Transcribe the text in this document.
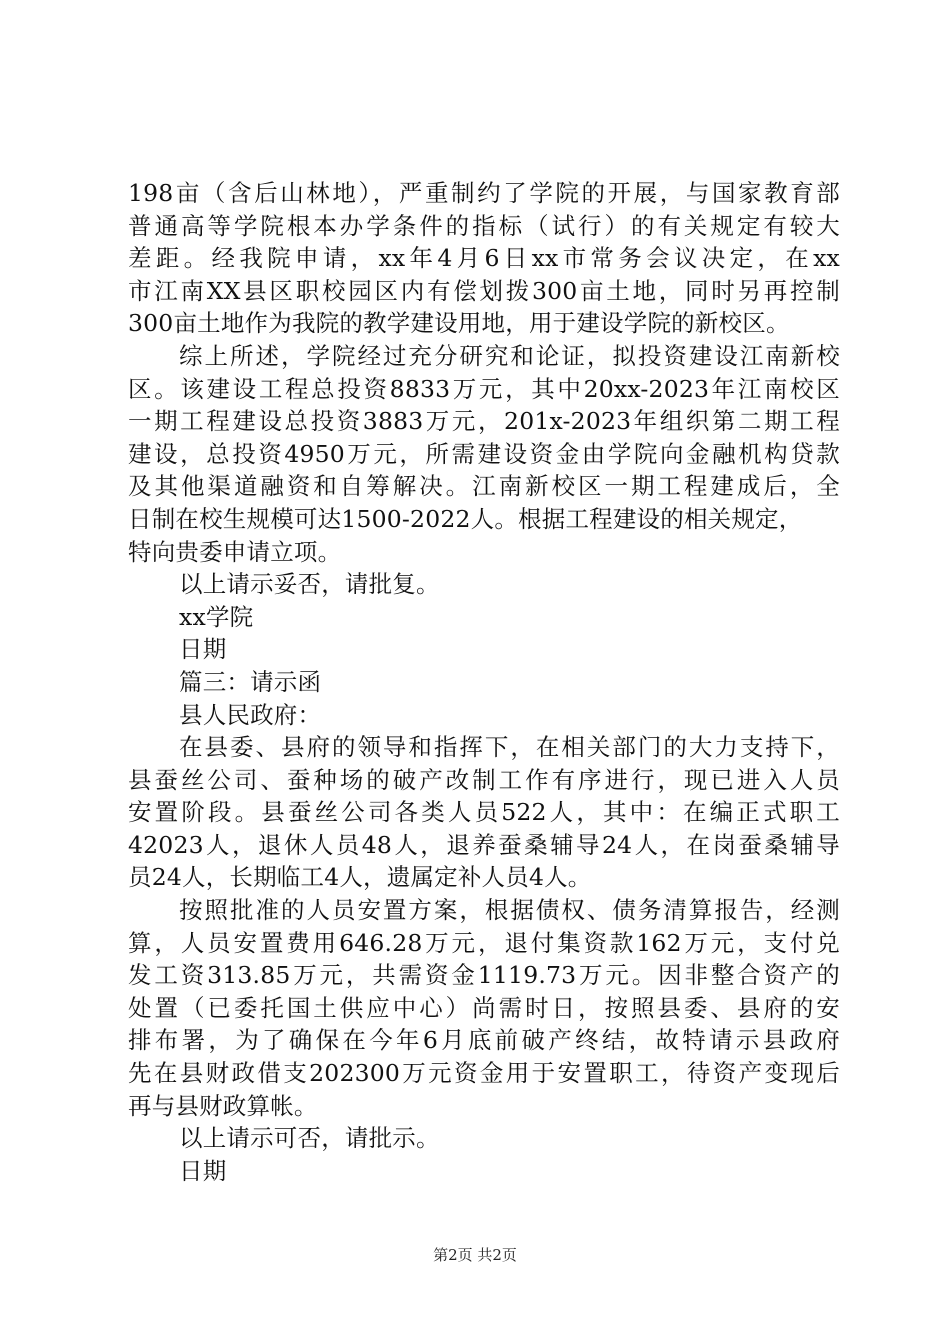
198亩（含后山林地），严重制约了学院的开展，与国家教育部
普通高等学院根本办学条件的指标（试行）的有关规定有较大
差距。经我院申请，xx年4月6日xx市常务会议决定，在xx
市江南XX县区职校园区内有偿划拨300亩土地，同时另再控制
300亩土地作为我院的教学建设用地，用于建设学院的新校区。
综上所述，学院经过充分研究和论证，拟投资建设江南新校
区。该建设工程总投资8833万元，其中20xx-2023年江南校区
一期工程建设总投资3883万元，201x-2023年组织第二期工程
建设，总投资4950万元，所需建设资金由学院向金融机构贷款
及其他渠道融资和自筹解决。江南新校区一期工程建成后，全
日制在校生规模可达1500-2022人。根据工程建设的相关规定，
特向贵委申请立项。
以上请示妥否，请批复。
xx学院
日期
篇三：请示函
县人民政府：
在县委、县府的领导和指挥下，在相关部门的大力支持下，
县蚕丝公司、蚕种场的破产改制工作有序进行，现已进入人员
安置阶段。县蚕丝公司各类人员522人，其中：在编正式职工
42023人，退休人员48人，退养蚕桑辅导24人，在岗蚕桑辅导
员24人，长期临工4人，遗属定补人员4人。
按照批准的人员安置方案，根据债权、债务清算报告，经测
算，人员安置费用646.28万元，退付集资款162万元，支付兑
发工资313.85万元，共需资金1119.73万元。因非整合资产的
处置（已委托国土供应中心）尚需时日，按照县委、县府的安
排布署，为了确保在今年6月底前破产终结，故特请示县政府
先在县财政借支202300万元资金用于安置职工，待资产变现后
再与县财政算帐。
以上请示可否，请批示。
日期
第2页 共2页
